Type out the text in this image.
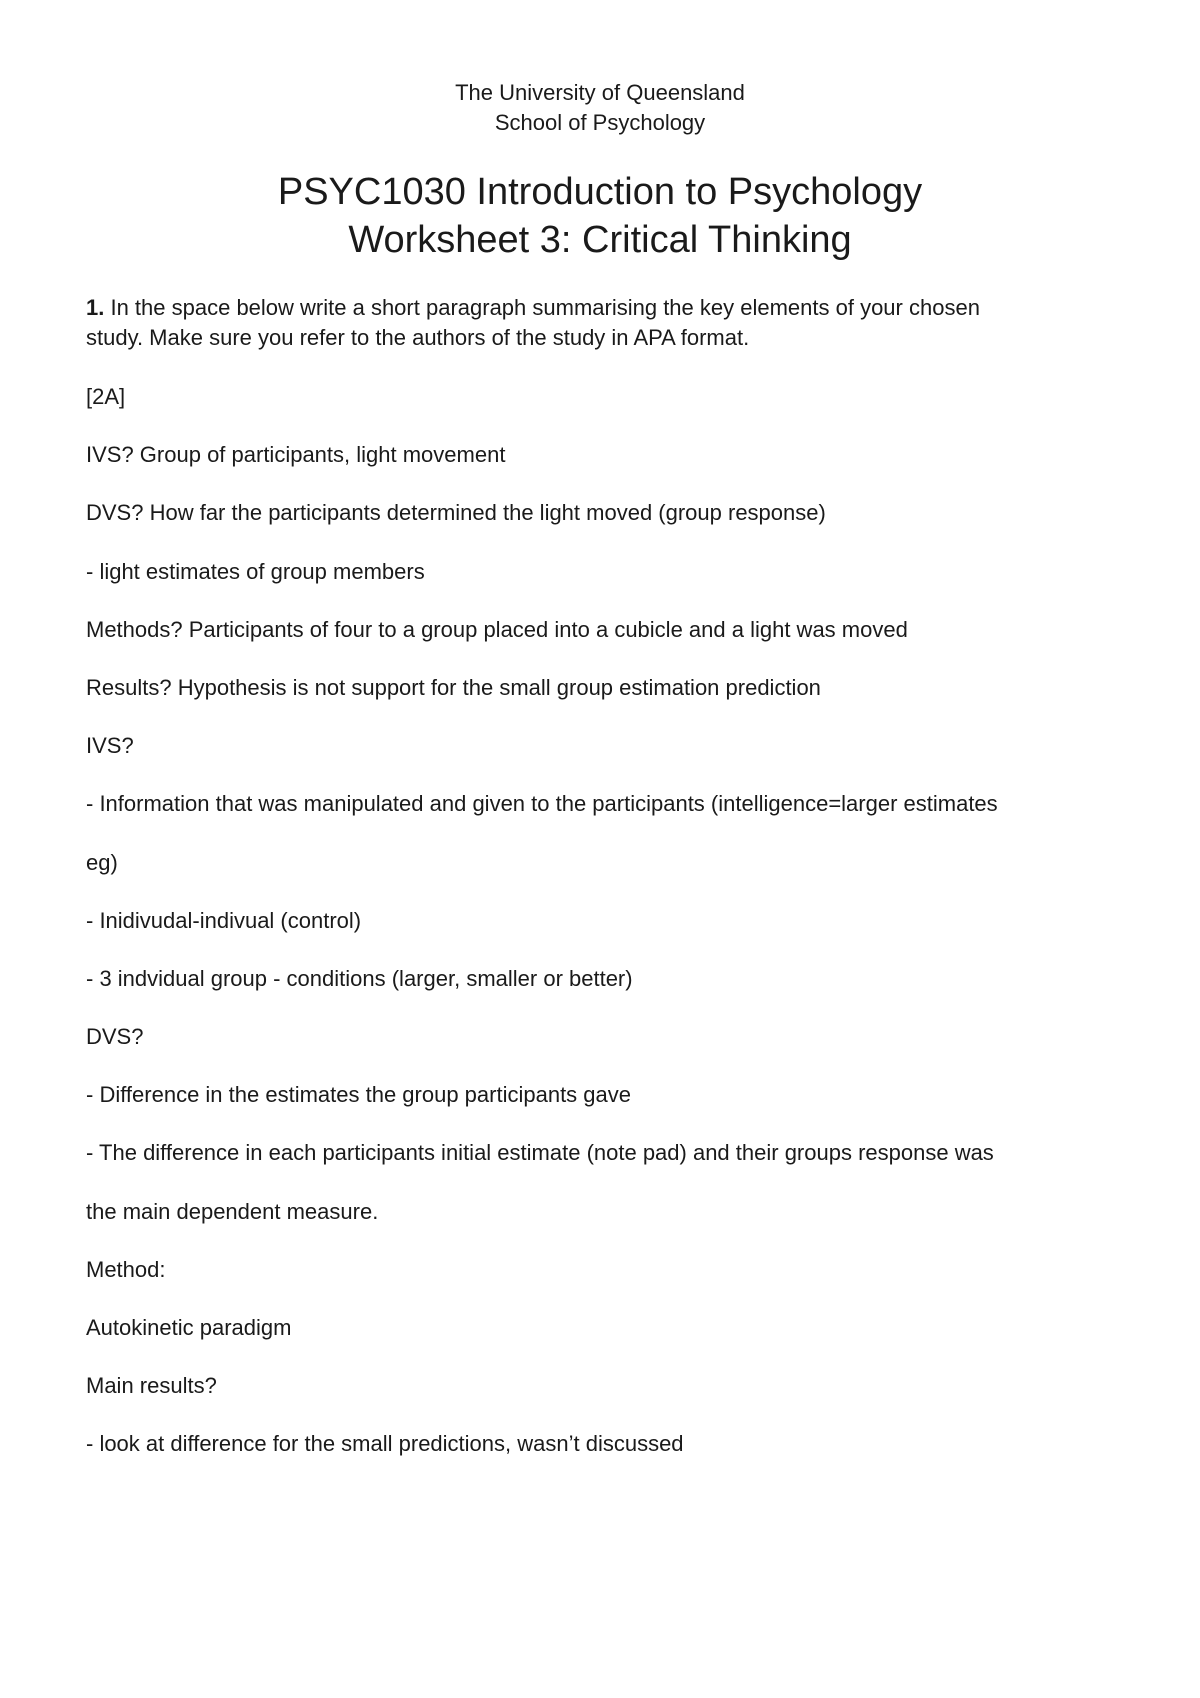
The University of Queensland

School of Psychology

PSYC1030 Introduction to Psychology

Worksheet 3: Critical Thinking

1. In the space below write a short paragraph summarising the key elements of your chosen

study. Make sure you refer to the authors of the study in APA format.

[2A]

IVS? Group of participants, light movement

DVS? How far the participants determined the light moved (group response)

- light estimates of group members

Methods? Participants of four to a group placed into a cubicle and a light was moved

Results? Hypothesis is not support for the small group estimation prediction

IVS?

- Information that was manipulated and given to the participants (intelligence=larger estimates

eg)

- Inidivudal-indivual (control)

- 3 indvidual group - conditions (larger, smaller or better)

DVS?

- Difference in the estimates the group participants gave

- The difference in each participants initial estimate (note pad) and their groups response was

the main dependent measure.

Method:

Autokinetic paradigm

Main results?

- look at difference for the small predictions, wasn’t discussed
